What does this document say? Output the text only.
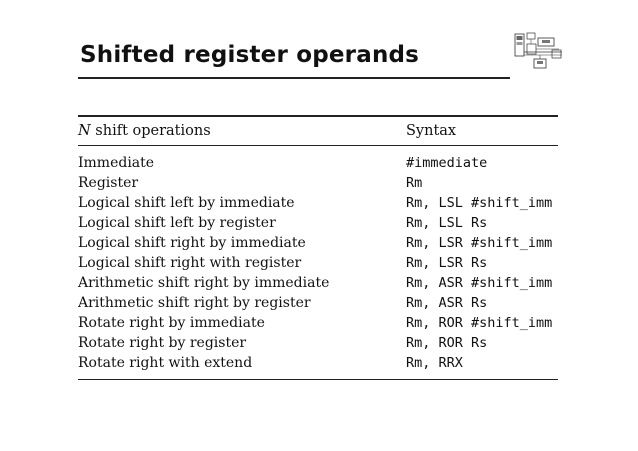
Shifted register operands
N shift operations	Syntax
Immediate	#immediate
Register	Rm
Logical shift left by immediate	Rm, LSL #shift_imm
Logical shift left by register	Rm, LSL Rs
Logical shift right by immediate	Rm, LSR #shift_imm
Logical shift right with register	Rm, LSR Rs
Arithmetic shift right by immediate	Rm, ASR #shift_imm
Arithmetic shift right by register	Rm, ASR Rs
Rotate right by immediate	Rm, ROR #shift_imm
Rotate right by register	Rm, ROR Rs
Rotate right with extend	Rm, RRX
